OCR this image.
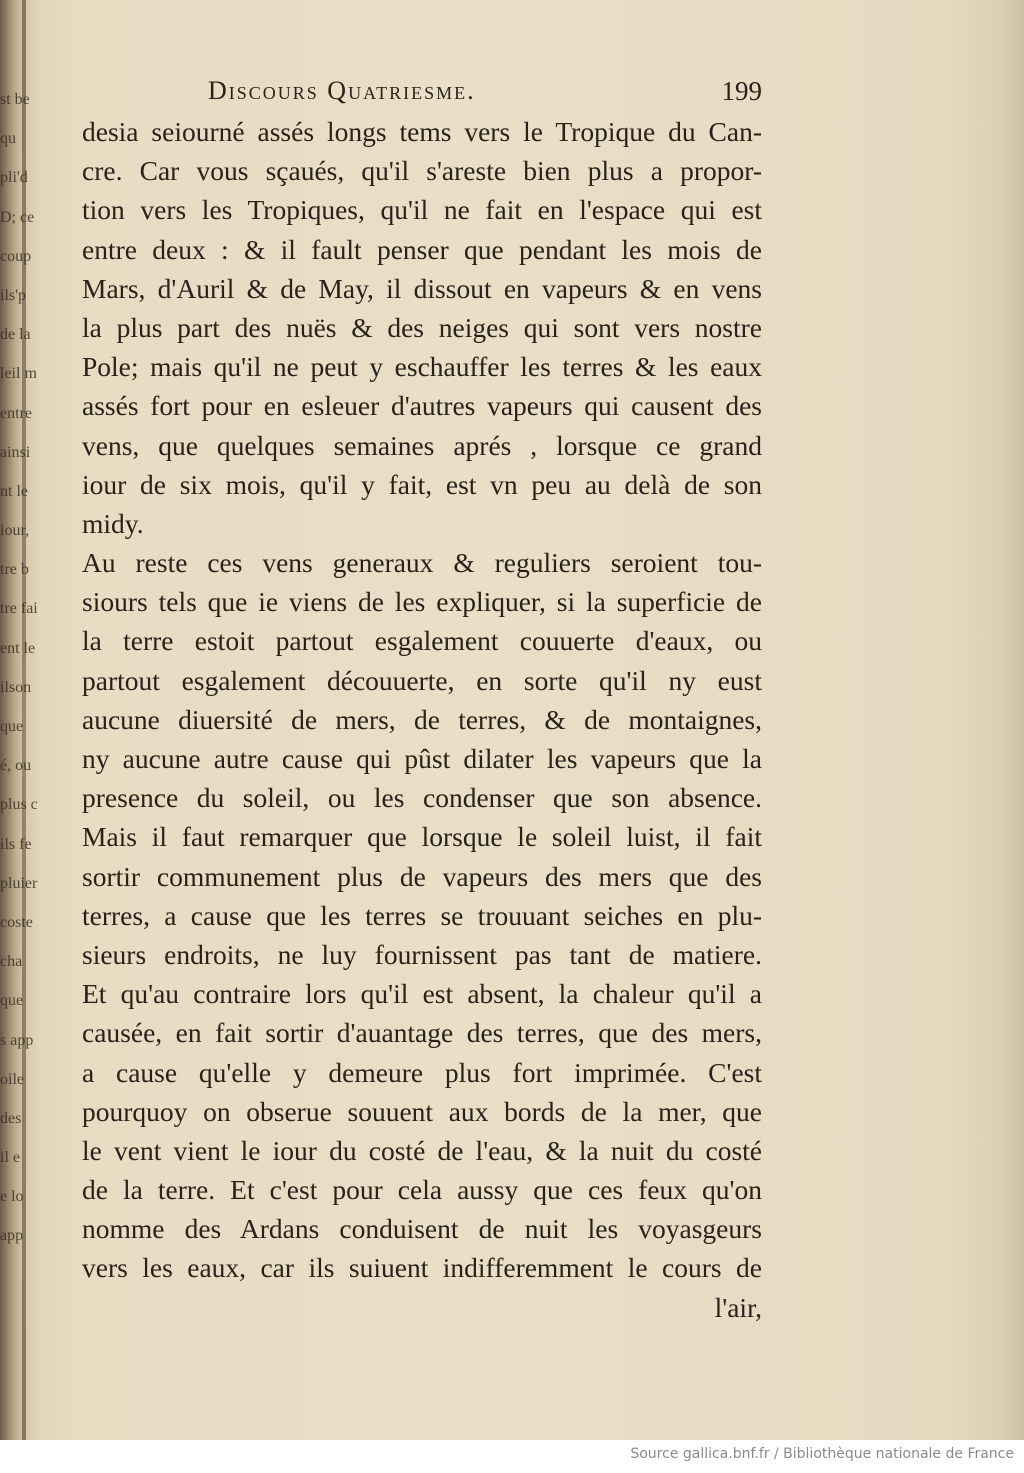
st be
qu
pli'd
D; ce
coup
ils'p
de la
leil m
entre
ainsi
nt le
iour,
tre b
tre fai
ent le
ilson
que
é, ou
plus c
ils fe
pluier
coste
cha
que
s app
oile
des
il e
e lo
app
Discours Quatriesme.	199
desia seiourné assés longs tems vers le Tropique du Can-
cre. Car vous sçaués, qu'il s'areste bien plus a propor-
tion vers les Tropiques, qu'il ne fait en l'espace qui est
entre deux : & il fault penser que pendant les mois de
Mars, d'Auril & de May, il dissout en vapeurs & en vens
la plus part des nuës & des neiges qui sont vers nostre
Pole; mais qu'il ne peut y eschauffer les terres & les eaux
assés fort pour en esleuer d'autres vapeurs qui causent des
vens, que quelques semaines aprés , lorsque ce grand
iour de six mois, qu'il y fait, est vn peu au delà de son
midy.
Au reste ces vens generaux & reguliers seroient tou-
siours tels que ie viens de les expliquer, si la superficie de
la terre estoit partout esgalement couuerte d'eaux, ou
partout esgalement découuerte, en sorte qu'il ny eust
aucune diuersité de mers, de terres, & de montaignes,
ny aucune autre cause qui pûst dilater les vapeurs que la
presence du soleil, ou les condenser que son absence.
Mais il faut remarquer que lorsque le soleil luist, il fait
sortir communement plus de vapeurs des mers que des
terres, a cause que les terres se trouuant seiches en plu-
sieurs endroits, ne luy fournissent pas tant de matiere.
Et qu'au contraire lors qu'il est absent, la chaleur qu'il a
causée, en fait sortir d'auantage des terres, que des mers,
a cause qu'elle y demeure plus fort imprimée. C'est
pourquoy on obserue souuent aux bords de la mer, que
le vent vient le iour du costé de l'eau, & la nuit du costé
de la terre. Et c'est pour cela aussy que ces feux qu'on
nomme des Ardans conduisent de nuit les voyasgeurs
vers les eaux, car ils suiuent indifferemment le cours de
l'air,
Source gallica.bnf.fr / Bibliothèque nationale de France
